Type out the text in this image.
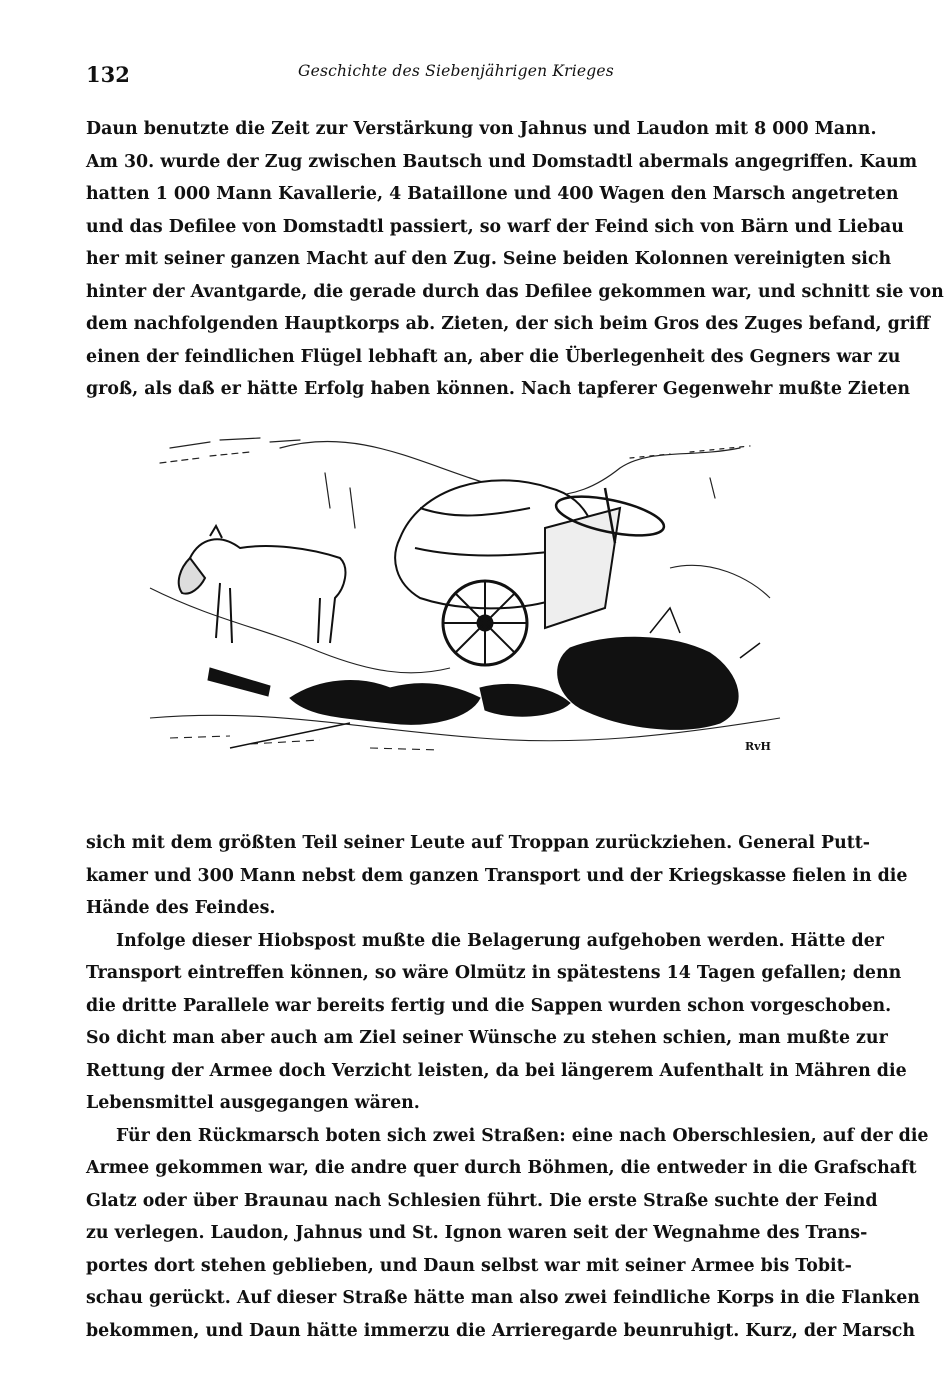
132	Geschichte des Siebenjährigen Krieges
Daun benutzte die Zeit zur Verstärkung von Jahnus und Laudon mit 8 000 Mann.
Am 30. wurde der Zug zwischen Bautsch und Domstadtl abermals angegriffen. Kaum
hatten 1 000 Mann Kavallerie, 4 Bataillone und 400 Wagen den Marsch angetreten
und das Defilee von Domstadtl passiert, so warf der Feind sich von Bärn und Liebau
her mit seiner ganzen Macht auf den Zug. Seine beiden Kolonnen vereinigten sich
hinter der Avantgarde, die gerade durch das Defilee gekommen war, und schnitt sie von
dem nachfolgenden Hauptkorps ab. Zieten, der sich beim Gros des Zuges befand, griff
einen der feindlichen Flügel lebhaft an, aber die Überlegenheit des Gegners war zu
groß, als daß er hätte Erfolg haben können. Nach tapferer Gegenwehr mußte Zieten
RvH
sich mit dem größten Teil seiner Leute auf Troppan zurückziehen. General Putt-
kamer und 300 Mann nebst dem ganzen Transport und der Kriegskasse fielen in die
Hände des Feindes.
Infolge dieser Hiobspost mußte die Belagerung aufgehoben werden. Hätte der
Transport eintreffen können, so wäre Olmütz in spätestens 14 Tagen gefallen; denn
die dritte Parallele war bereits fertig und die Sappen wurden schon vorgeschoben.
So dicht man aber auch am Ziel seiner Wünsche zu stehen schien, man mußte zur
Rettung der Armee doch Verzicht leisten, da bei längerem Aufenthalt in Mähren die
Lebensmittel ausgegangen wären.
Für den Rückmarsch boten sich zwei Straßen: eine nach Oberschlesien, auf der die
Armee gekommen war, die andre quer durch Böhmen, die entweder in die Grafschaft
Glatz oder über Braunau nach Schlesien führt. Die erste Straße suchte der Feind
zu verlegen. Laudon, Jahnus und St. Ignon waren seit der Wegnahme des Trans-
portes dort stehen geblieben, und Daun selbst war mit seiner Armee bis Tobit-
schau gerückt. Auf dieser Straße hätte man also zwei feindliche Korps in die Flanken
bekommen, und Daun hätte immerzu die Arrieregarde beunruhigt. Kurz, der Marsch
